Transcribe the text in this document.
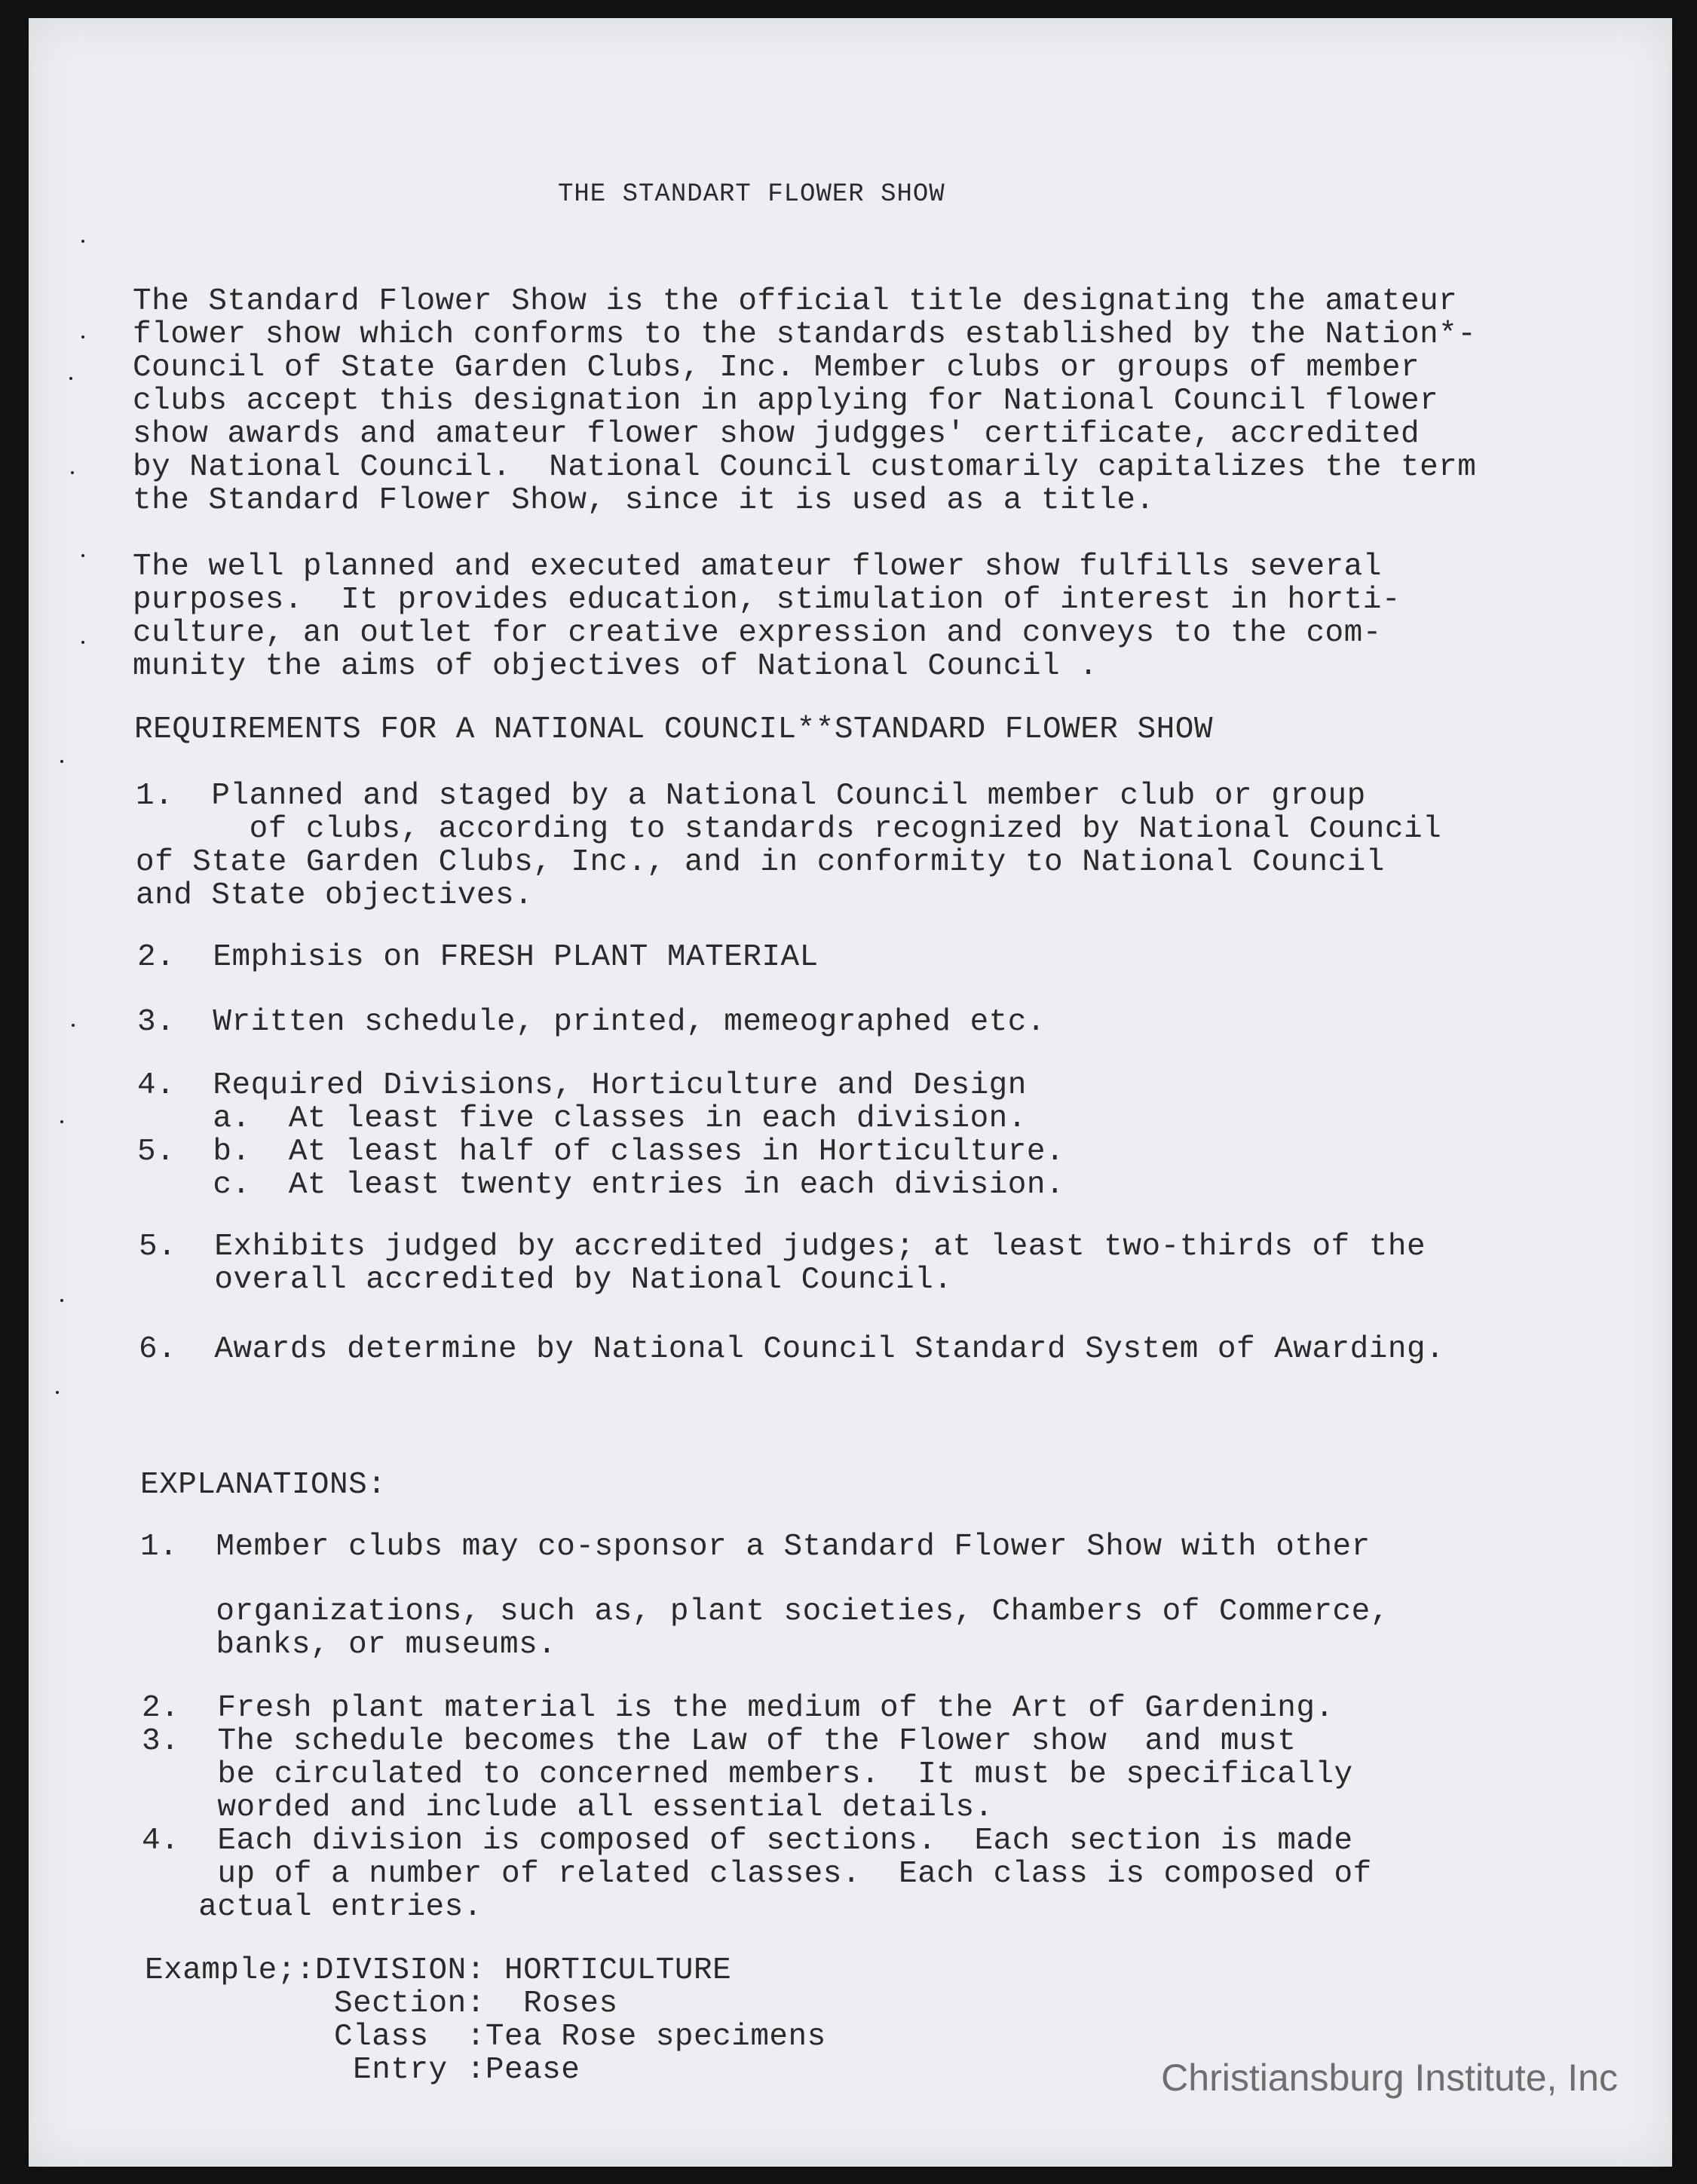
THE STANDART FLOWER SHOW
The Standard Flower Show is the official title designating the amateur
flower show which conforms to the standards established by the Nation*-
Council of State Garden Clubs, Inc. Member clubs or groups of member
clubs accept this designation in applying for National Council flower
show awards and amateur flower show judgges' certificate, accredited
by National Council.  National Council customarily capitalizes the term
the Standard Flower Show, since it is used as a title.
The well planned and executed amateur flower show fulfills several
purposes.  It provides education, stimulation of interest in horti-
culture, an outlet for creative expression and conveys to the com-
munity the aims of objectives of National Council .
REQUIREMENTS FOR A NATIONAL COUNCIL**STANDARD FLOWER SHOW
1.  Planned and staged by a National Council member club or group
of clubs, according to standards recognized by National Council
of State Garden Clubs, Inc., and in conformity to National Council
and State objectives.
2.  Emphisis on FRESH PLANT MATERIAL
3.  Written schedule, printed, memeographed etc.
4.  Required Divisions, Horticulture and Design
a.  At least five classes in each division.
5.  b.  At least half of classes in Horticulture.
c.  At least twenty entries in each division.
5.  Exhibits judged by accredited judges; at least two-thirds of the
overall accredited by National Council.
6.  Awards determine by National Council Standard System of Awarding.
EXPLANATIONS:
1.  Member clubs may co-sponsor a Standard Flower Show with other
organizations, such as, plant societies, Chambers of Commerce,
banks, or museums.
2.  Fresh plant material is the medium of the Art of Gardening.
3.  The schedule becomes the Law of the Flower show  and must
be circulated to concerned members.  It must be specifically
worded and include all essential details.
4.  Each division is composed of sections.  Each section is made
up of a number of related classes.  Each class is composed of
actual entries.
Example;:DIVISION: HORTICULTURE
Section:  Roses
Class  :Tea Rose specimens
Entry :Pease	Christiansburg Institute, Inc
